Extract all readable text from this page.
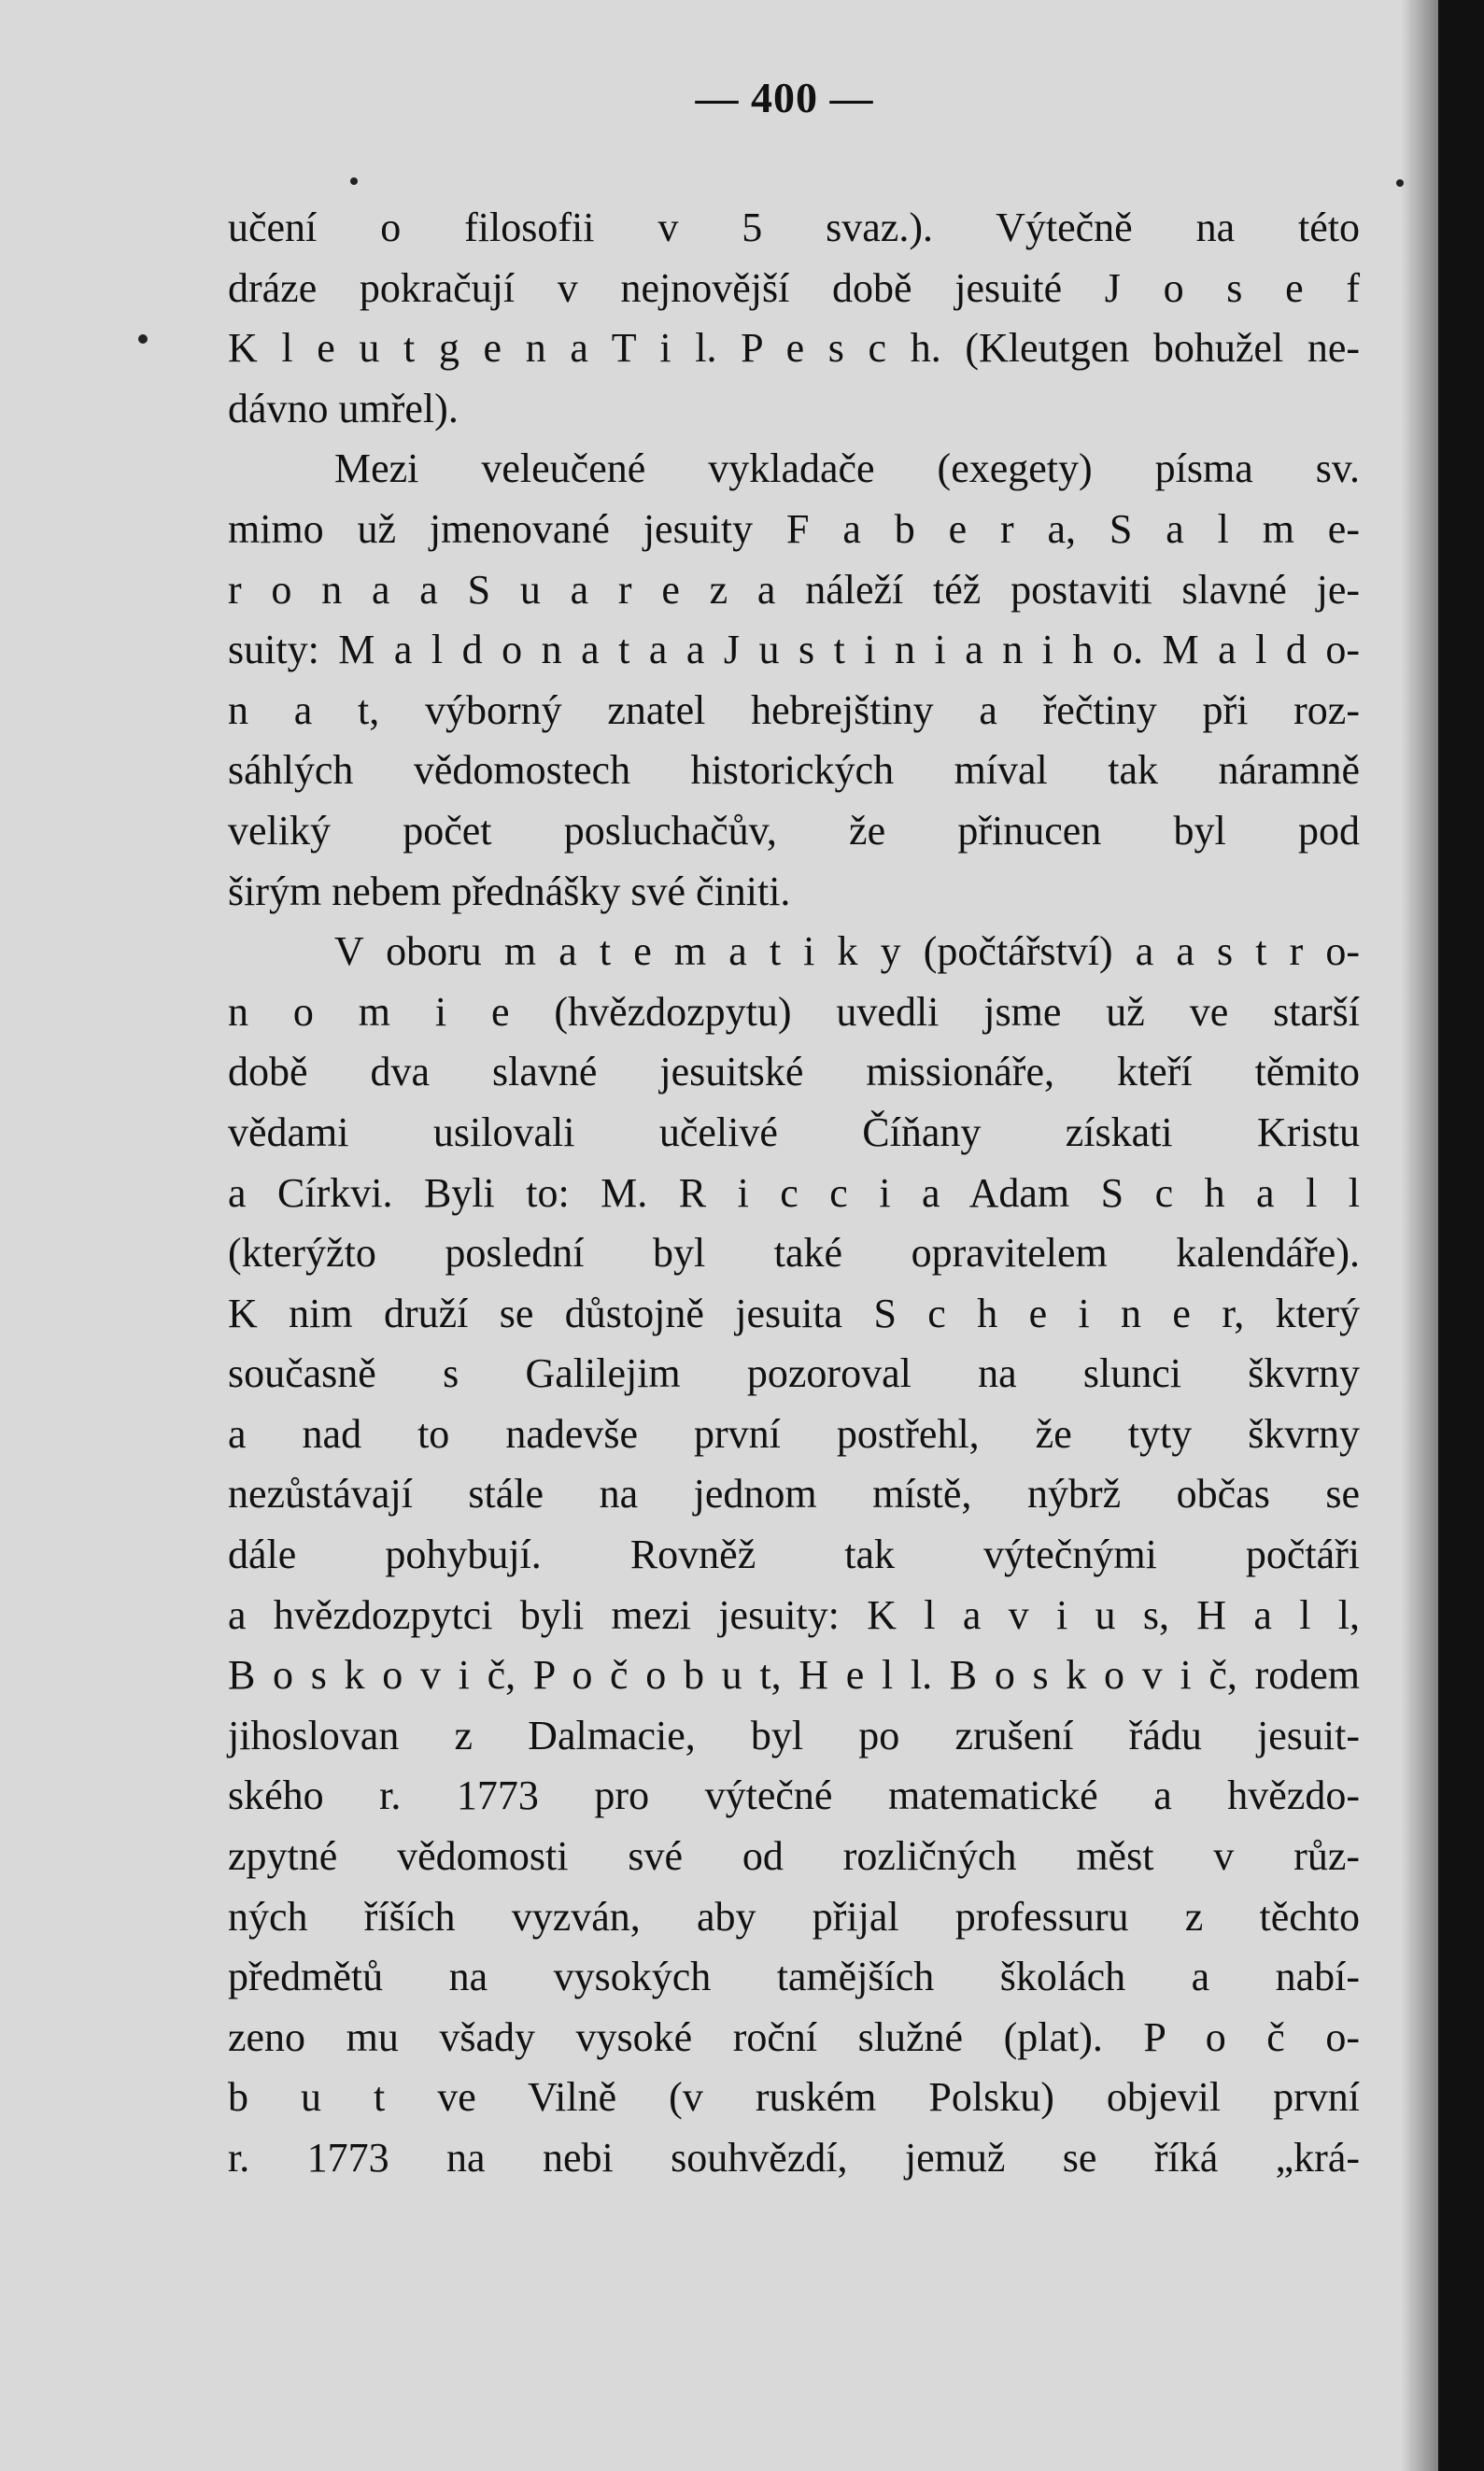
— 400 —
učení o filosofii v 5 svaz.). Výtečně na této
dráze pokračují v nejnovější době jesuité J o s e f
K l e u t g e n a T i l. P e s c h. (Kleutgen bohužel ne-
dávno umřel).
Mezi veleučené vykladače (exegety) písma sv.
mimo už jmenované jesuity F a b e r a, S a l m e-
r o n a a S u a r e z a náleží též postaviti slavné je-
suity: M a l d o n a t a a J u s t i n i a n i h o. M a l d o-
n a t, výborný znatel hebrejštiny a řečtiny při roz-
sáhlých vědomostech historických míval tak náramně
veliký počet posluchačův, že přinucen byl pod
širým nebem přednášky své činiti.
V oboru m a t e m a t i k y (počtářství) a a s t r o-
n o m i e (hvězdozpytu) uvedli jsme už ve starší
době dva slavné jesuitské missionáře, kteří těmito
vědami usilovali učelivé Číňany získati Kristu
a Církvi. Byli to: M. R i c c i a Adam S c h a l l
(kterýžto poslední byl také opravitelem kalendáře).
K nim druží se důstojně jesuita S c h e i n e r, který
současně s Galilejim pozoroval na slunci škvrny
a nad to nadevše první postřehl, že tyty škvrny
nezůstávají stále na jednom místě, nýbrž občas se
dále pohybují. Rovněž tak výtečnými počtáři
a hvězdozpytci byli mezi jesuity: K l a v i u s, H a l l,
B o s k o v i č, P o č o b u t, H e l l. B o s k o v i č, rodem
jihoslovan z Dalmacie, byl po zrušení řádu jesuit-
ského r. 1773 pro výtečné matematické a hvězdo-
zpytné vědomosti své od rozličných měst v růz-
ných říších vyzván, aby přijal professuru z těchto
předmětů na vysokých tamějších školách a nabí-
zeno mu všady vysoké roční služné (plat). P o č o-
b u t ve Vilně (v ruském Polsku) objevil první
r. 1773 na nebi souhvězdí, jemuž se říká „krá-
